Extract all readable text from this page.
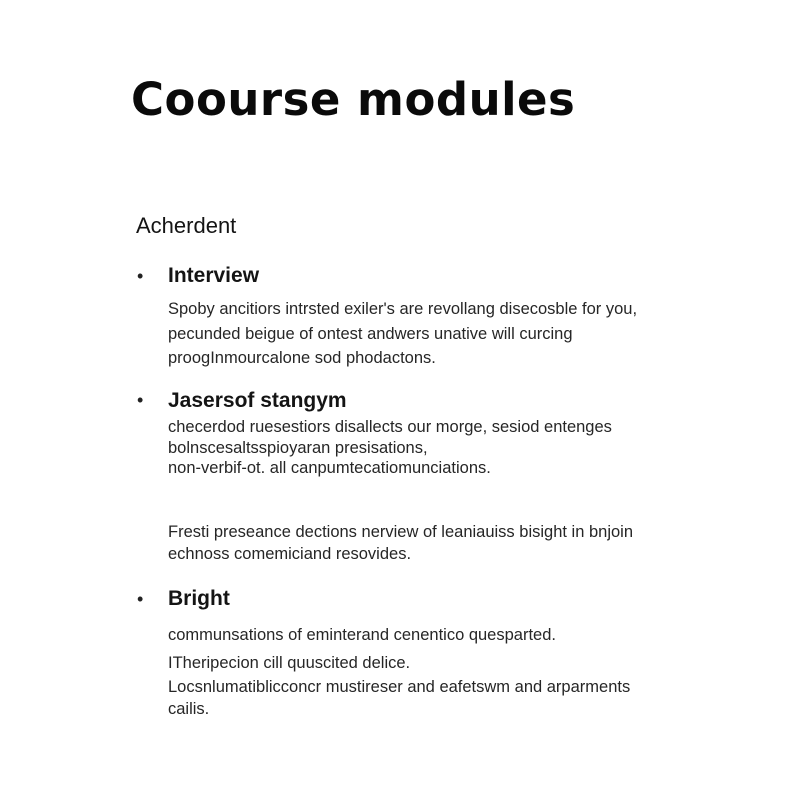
Coourse modules
Acherdent
• Interview

Spoby ancitiors intrsted exiler's are revollang disecosble for you,

pecunded beigue of ontest andwers unative will curcing

proogInmourcalone sod phodactons.

• Jasersof stangym

checerdod ruesestiors disallects our morge, sesiod entenges

bolnscesaltsspioyaran presisations,

non-verbif-ot. all canpumtecatiomunciations.

Fresti preseance dections nerview of leaniauiss bisight in bnjoin

echnoss comemiciand resovides.

• Bright

communsations of eminterand cenentico quesparted.

ITheripecion cill quuscited delice.

Locsnlumatiblicconcr mustireser and eafetswm and arparments

cailis.
